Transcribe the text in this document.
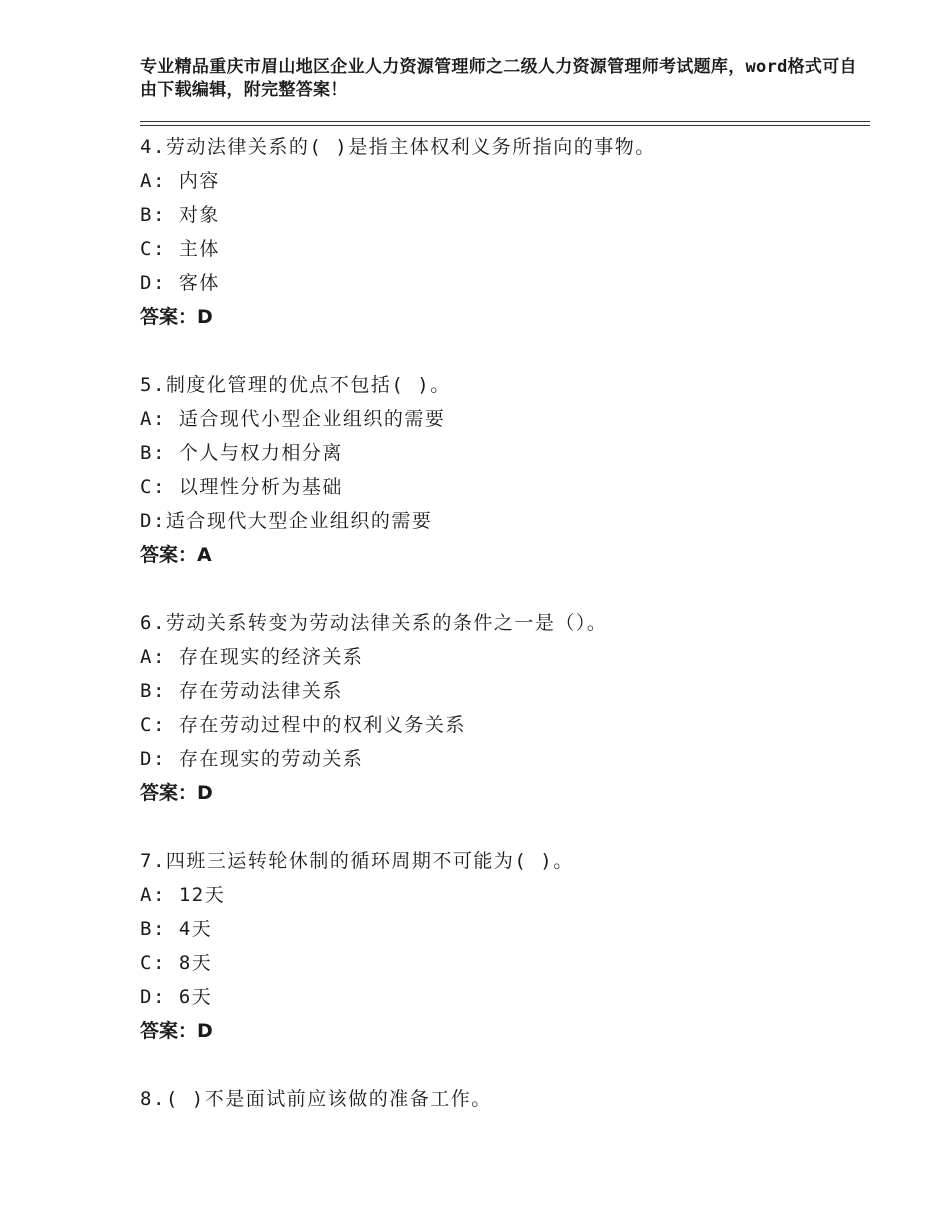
专业精品重庆市眉山地区企业人力资源管理师之二级人力资源管理师考试题库，word格式可自由下载编辑，附完整答案！

4.劳动法律关系的( )是指主体权利义务所指向的事物。

A: 内容

B: 对象

C: 主体

D: 客体

答案：D

5.制度化管理的优点不包括( )。

A: 适合现代小型企业组织的需要

B: 个人与权力相分离

C: 以理性分析为基础

D:适合现代大型企业组织的需要

答案：A

6.劳动关系转变为劳动法律关系的条件之一是（）。

A: 存在现实的经济关系

B: 存在劳动法律关系

C: 存在劳动过程中的权利义务关系

D: 存在现实的劳动关系

答案：D

7.四班三运转轮休制的循环周期不可能为( )。

A: 12天

B: 4天

C: 8天

D: 6天

答案：D

8.( )不是面试前应该做的准备工作。
